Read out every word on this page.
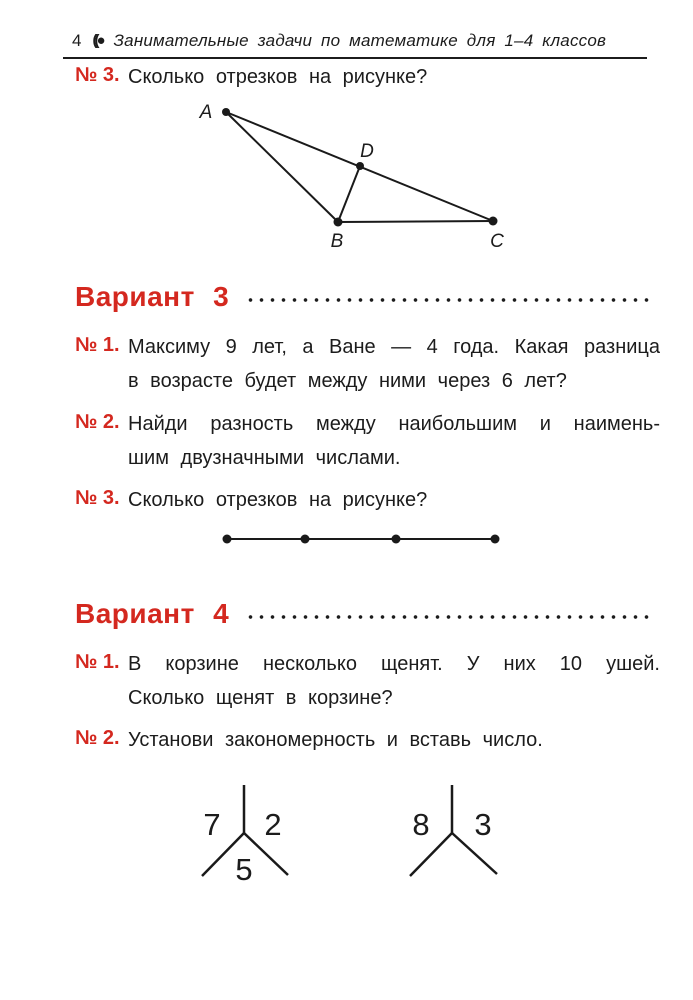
4 ((● Занимательные задачи по математике для 1–4 классов
№ 3. Сколько отрезков на рисунке?
A
D
B	C
Вариант 3
№ 1. Максиму 9 лет, а Ване — 4 года. Какая разница
в возрасте будет между ними через 6 лет?
№ 2. Найди разность между наибольшим и наимень-
шим двузначными числами.
№ 3. Сколько отрезков на рисунке?
Вариант 4
№ 1. В корзине несколько щенят. У них 10 ушей.
Сколько щенят в корзине?
№ 2. Установи закономерность и вставь число.
7 2
5
8 3
